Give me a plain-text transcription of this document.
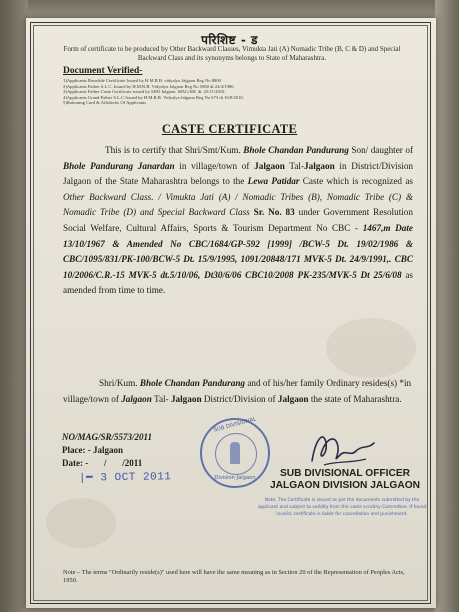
परिशिष्ट - ड
Form of certificate to be produced by Other Backward Classes, Vimukta Jati (A) Nomadic Tribe (B, C & D) and Special Backward Class and its synonyms belongs to State of Maharashtra.
Document Verified-
1)Applicants Bonafide Certificate Issued by H.M.R.B. vidyalya Jalgaon Reg No 8800
2)Applicants Father S.L.C. Issued by H.M.R.B. Vidyalya Jalgaon Reg No 5860 dt 24/4/1986
3)Applicants Father Caste Certificate issued by SDO Jalgaon. MAG/SR/ dt. 25/11/2010.
4)Applicants Grand Father S.L.C Issued by H.M.R.B. Vidyalya Jalgaon Reg No 673 dt 16/8/2010.
5)Rationing Card & Affidavits Of Applicants
CASTE CERTIFICATE
This is to certify that Shri/Smt/Kum. Bhole Chandan Pandurang Son/ daughter of Bhole Pandurang Janardan in village/town of Jalgaon Tal-Jalgaon in District/Division Jalgaon of the State Maharashtra belongs to the Lewa Patidar Caste which is recognized as Other Backward Class. / Vimukta Jati (A) / Nomadic Tribes (B), Nomadic Tribe (C) & Nomadic Tribe (D) and Special Backward Class Sr. No. 83 under Government Resolution Social Welfare, Cultural Affairs, Sports & Tourism Department No CBC - 1467,m Date 13/10/1967 & Amended No CBC/1684/GP-592 [1999] /BCW-5 Dt. 19/02/1986 & CBC/1095/831/PK-100/BCW-5 Dt. 15/9/1995, 1091/20848/171 MVK-5 Dt. 24/9/1991,. CBC 10/2006/C.R.-15 MVK-5 dt.5/10/06, Dt30/6/06 CBC10/2008 PK-235/MVK-5 Dt 25/6/08 as amended from time to time.
Shri/Kum. Bhole Chandan Pandurang and of his/her family Ordinary resides(s) *in village/town of Jalgaon Tal- Jalgaon District/Division of Jalgaon the state of Maharashtra.
NO/MAG/SR/5573/2011
Place: - Jalgaon
Date: -       /       /2011
|━ 3 OCT 2011
SUB DIVISIONAL
Division Jalgaon	SUB DIVISIONAL OFFICER
JALGAON DIVISION JALGAON
Note: The Certificate is issued as per the documents submitted by the applicant and subject to validity from the caste scrutiny Committee. If found invalid, certificate is liable for cancellation and punishment.
Note – The terms "Ordinarily reside(s)" used here will have the same meaning as in Section 20 of the Representation of Peoples Acts, 1950.
